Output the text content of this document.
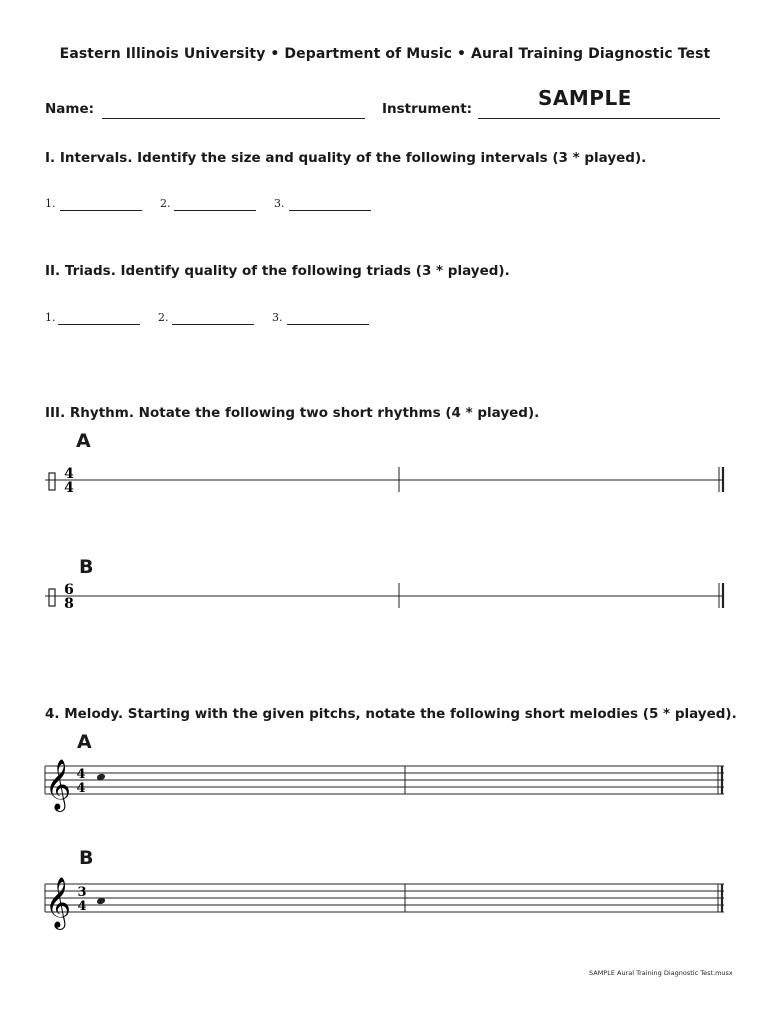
Eastern Illinois University • Department of Music • Aural Training Diagnostic Test
Name:	Instrument:	SAMPLE
I. Intervals. Identify the size and quality of the following intervals (3 * played).
1.	2.	3.
II. Triads. Identify quality of the following triads (3 * played).
1.	2.	3.
III. Rhythm. Notate the following two short rhythms (4 * played).
A
B
4. Melody. Starting with the given pitchs, notate the following short melodies (5 * played).
A
B
4
4
6
8
𝄞 4
4
𝄞 3
4
SAMPLE Aural Training Diagnostic Test.musx
